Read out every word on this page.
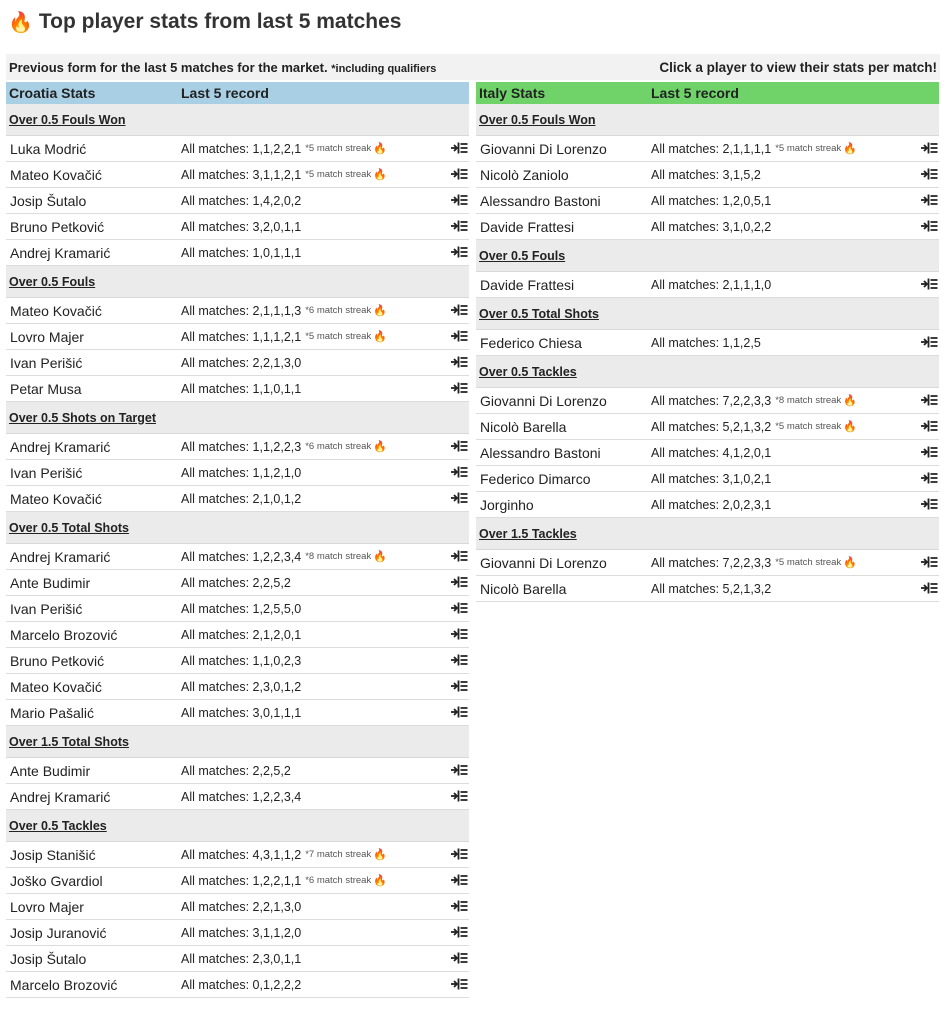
🔥 Top player stats from last 5 matches
Previous form for the last 5 matches for the market. *including qualifiers	Click a player to view their stats per match!
Croatia Stats	Last 5 record
Over 0.5 Fouls Won
Luka Modrić	All matches: 1,1,2,2,1 *5 match streak 🔥
Mateo Kovačić	All matches: 3,1,1,2,1 *5 match streak 🔥
Josip Šutalo	All matches: 1,4,2,0,2
Bruno Petković	All matches: 3,2,0,1,1
Andrej Kramarić	All matches: 1,0,1,1,1
Over 0.5 Fouls
Mateo Kovačić	All matches: 2,1,1,1,3 *6 match streak 🔥
Lovro Majer	All matches: 1,1,1,2,1 *5 match streak 🔥
Ivan Perišić	All matches: 2,2,1,3,0
Petar Musa	All matches: 1,1,0,1,1
Over 0.5 Shots on Target
Andrej Kramarić	All matches: 1,1,2,2,3 *6 match streak 🔥
Ivan Perišić	All matches: 1,1,2,1,0
Mateo Kovačić	All matches: 2,1,0,1,2
Over 0.5 Total Shots
Andrej Kramarić	All matches: 1,2,2,3,4 *8 match streak 🔥
Ante Budimir	All matches: 2,2,5,2
Ivan Perišić	All matches: 1,2,5,5,0
Marcelo Brozović	All matches: 2,1,2,0,1
Bruno Petković	All matches: 1,1,0,2,3
Mateo Kovačić	All matches: 2,3,0,1,2
Mario Pašalić	All matches: 3,0,1,1,1
Over 1.5 Total Shots
Ante Budimir	All matches: 2,2,5,2
Andrej Kramarić	All matches: 1,2,2,3,4
Over 0.5 Tackles
Josip Stanišić	All matches: 4,3,1,1,2 *7 match streak 🔥
Joško Gvardiol	All matches: 1,2,2,1,1 *6 match streak 🔥
Lovro Majer	All matches: 2,2,1,3,0
Josip Juranović	All matches: 3,1,1,2,0
Josip Šutalo	All matches: 2,3,0,1,1
Marcelo Brozović	All matches: 0,1,2,2,2
Italy Stats	Last 5 record
Over 0.5 Fouls Won
Giovanni Di Lorenzo	All matches: 2,1,1,1,1 *5 match streak 🔥
Nicolò Zaniolo	All matches: 3,1,5,2
Alessandro Bastoni	All matches: 1,2,0,5,1
Davide Frattesi	All matches: 3,1,0,2,2
Over 0.5 Fouls
Davide Frattesi	All matches: 2,1,1,1,0
Over 0.5 Total Shots
Federico Chiesa	All matches: 1,1,2,5
Over 0.5 Tackles
Giovanni Di Lorenzo	All matches: 7,2,2,3,3 *8 match streak 🔥
Nicolò Barella	All matches: 5,2,1,3,2 *5 match streak 🔥
Alessandro Bastoni	All matches: 4,1,2,0,1
Federico Dimarco	All matches: 3,1,0,2,1
Jorginho	All matches: 2,0,2,3,1
Over 1.5 Tackles
Giovanni Di Lorenzo	All matches: 7,2,2,3,3 *5 match streak 🔥
Nicolò Barella	All matches: 5,2,1,3,2
